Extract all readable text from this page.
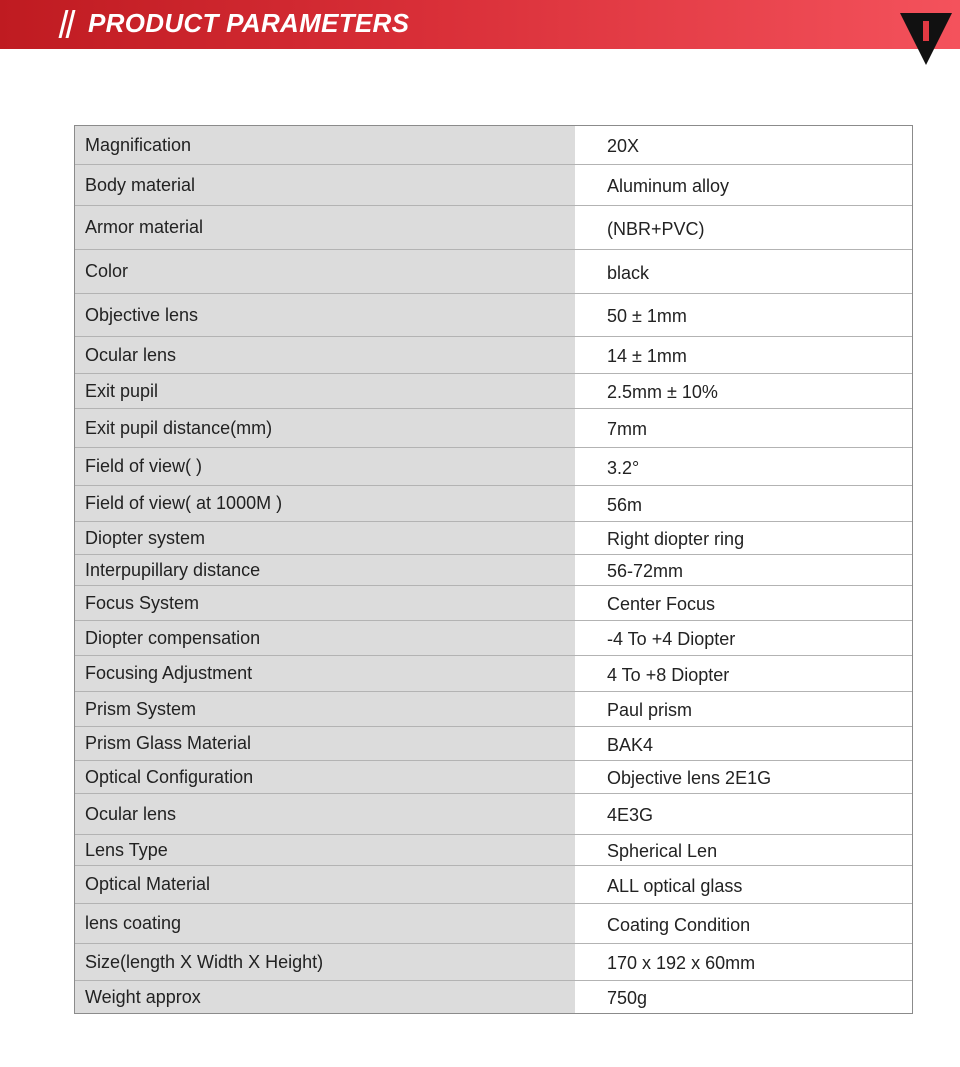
PRODUCT PARAMETERS
Magnification	20X
Body material	Aluminum alloy
Armor material	(NBR+PVC)
Color	black
Objective lens	50 ± 1mm
Ocular lens	14 ± 1mm
Exit pupil	2.5mm ± 10%
Exit pupil distance(mm)	7mm
Field of view( )	3.2°
Field of view( at 1000M )	56m
Diopter system	Right diopter ring
Interpupillary distance	56-72mm
Focus System	Center Focus
Diopter compensation	-4 To +4 Diopter
Focusing Adjustment	4 To +8 Diopter
Prism System	Paul prism
Prism Glass Material	BAK4
Optical Configuration	Objective lens 2E1G
Ocular lens	4E3G
Lens Type	Spherical Len
Optical Material	ALL optical glass
lens coating	Coating Condition
Size(length X Width X Height)	170 x 192 x 60mm
Weight approx	750g
